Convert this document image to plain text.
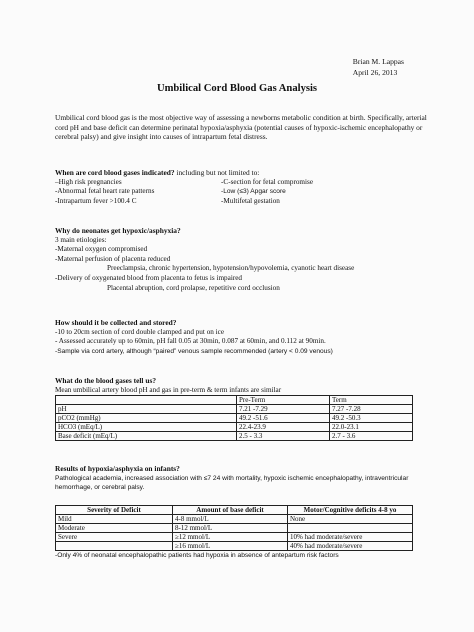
Brian M. Lappas
April 26, 2013
Umbilical Cord Blood Gas Analysis
Umbilical cord blood gas is the most objective way of assessing a newborns metabolic condition at birth. Specifically, arterial cord pH and base deficit can determine perinatal hypoxia/asphyxia (potential causes of hypoxic-ischemic encephalopathy or cerebral palsy) and give insight into causes of intrapartum fetal distress.
When are cord blood gases indicated? including but not limited to:
–High risk pregnancies	-C-section for fetal compromise
-Abnormal fetal heart rate patterns	-Low (≤3) Apgar score
-Intrapartum fever >100.4 C	-Multifetal gestation
Why do neonates get hypoxic/asphyxia?
3 main etiologies:
-Maternal oxygen compromised
-Maternal perfusion of placenta reduced
Preeclampsia, chronic hypertension, hypotension/hypovolemia, cyanotic heart disease
-Delivery of oxygenated blood from placenta to fetus is impaired
Placental abruption, cord prolapse, repetitive cord occlusion
How should it be collected and stored?
-10 to 20cm section of cord double clamped and put on ice
- Assessed accurately up to 60min, pH fall 0.05 at 30min, 0.087 at 60min, and 0.112 at 90min.
-Sample via cord artery, although “paired” venous sample recommended (artery < 0.09 venous)
What do the blood gases tell us?
Mean umbilical artery blood pH and gas in pre-term & term infants are similar
	Pre-Term	Term
pH	7.21 -7.29	7.27 -7.28
pCO2 (mmHg)	49.2 -51.6	49.2 -50.3
HCO3 (mEq/L)	22.4-23.9	22.0-23.1
Base deficit (mEq/L)	2.5 - 3.3	2.7 - 3.6
Results of hypoxia/asphyxia on infants?
Pathological academia, increased association with ≤7 24 with mortality, hypoxic ischemic encephalopathy, intraventricular hemorrhage, or cerebral palsy.
Severity of Deficit	Amount of base deficit	Motor/Cognitive deficits 4-8 yo
Mild	4-8 mmol/L	None
Moderate	8-12 mmol/L	
Severe	≥12 mmol/L	10% had moderate/severe
	≥16 mmol/L	40% had moderate/severe
-Only 4% of neonatal encephalopathic patients had hypoxia in absence of antepartum risk factors
